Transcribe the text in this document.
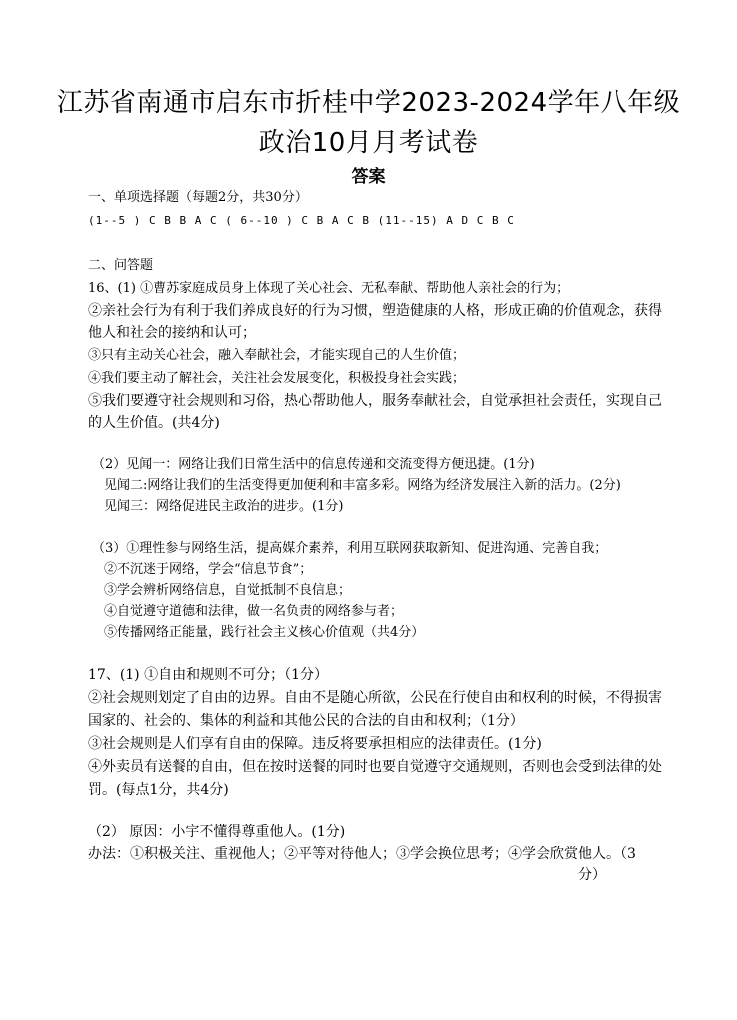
江苏省南通市启东市折桂中学2023-2024学年八年级
政治10月月考试卷
答案
一、单项选择题（每题2分，共30分）
(1--5 ) C B B A C ( 6--10 ) C B A C B (11--15) A D C B C
二、问答题
16、(1) ①曹苏家庭成员身上体现了关心社会、无私奉献、帮助他人亲社会的行为；
②亲社会行为有利于我们养成良好的行为习惯，塑造健康的人格，形成正确的价值观念，获得
他人和社会的接纳和认可；
③只有主动关心社会，融入奉献社会，才能实现自己的人生价值；
④我们要主动了解社会，关注社会发展变化，积极投身社会实践；
⑤我们要遵守社会规则和习俗，热心帮助他人，服务奉献社会，自觉承担社会责任，实现自己
的人生价值。(共4分)
（2）见闻一：网络让我们日常生活中的信息传递和交流变得方便迅捷。(1分)
见闻二:网络让我们的生活变得更加便利和丰富多彩。网络为经济发展注入新的活力。(2分)
见闻三：网络促进民主政治的进步。(1分)
（3）①理性参与网络生活，提高媒介素养，利用互联网获取新知、促进沟通、完善自我；
②不沉迷于网络，学会“信息节食”；
③学会辨析网络信息，自觉抵制不良信息；
④自觉遵守道德和法律，做一名负责的网络参与者；
⑤传播网络正能量，践行社会主义核心价值观（共4分）
17、(1) ①自由和规则不可分；（1分）
②社会规则划定了自由的边界。自由不是随心所欲，公民在行使自由和权利的时候，不得损害
国家的、社会的、集体的利益和其他公民的合法的自由和权利；（1分）
③社会规则是人们享有自由的保障。违反将要承担相应的法律责任。(1分)
④外卖员有送餐的自由，但在按时送餐的同时也要自觉遵守交通规则，否则也会受到法律的处
罚。(每点1分，共4分)
（2） 原因：小宇不懂得尊重他人。(1分)
办法：①积极关注、重视他人；②平等对待他人；③学会换位思考；④学会欣赏他人。（3
分）
